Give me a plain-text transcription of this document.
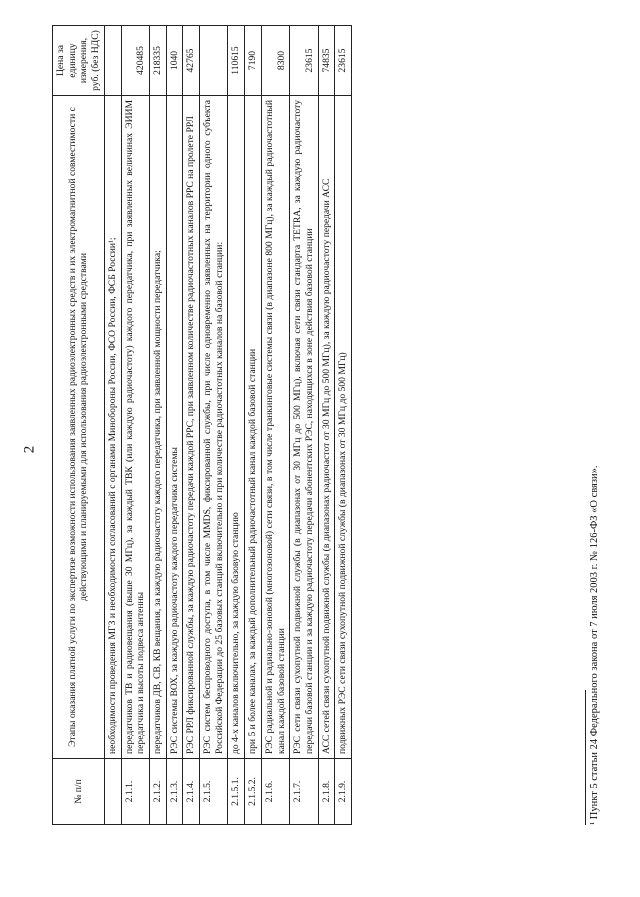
2
№ п/п	Этапы оказания платной услуги по экспертизе возможности использования заявленных радиоэлектронных средств и их электромагнитной совместимости с действующими и планируемыми для использования радиоэлектронными средствами	Цена за единицу измерения, руб. (без НДС)
	необходимости проведения МГЗ и необходимости согласований с органами Минобороны России, ФСО России, ФСБ России¹;	
2.1.1.	передатчиков ТВ и радиовещания (выше 30 МГц), за каждый ТВК (или каждую радиочастоту) каждого передатчика, при заявленных величинах ЭИИМ передатчика и высоты подвеса антенны	420485
2.1.2.	передатчиков ДВ, СВ, КВ вещания, за каждую радиочастоту каждого передатчика, при заявленной мощности передатчика;	218335
2.1.3.	РЭС системы ВОХ, за каждую радиочастоту каждого передатчика системы	1040
2.1.4.	РЭС РРЛ фиксированной службы, за каждую радиочастоту передачи каждой РРС, при заявленном количестве радиочастотных каналов РРС на пролете РРЛ	42765
2.1.5.	РЭС систем беспроводного доступа, в том числе MMDS, фиксированной службы, при числе одновременно заявленных на территории одного субъекта Российской Федерации до 25 базовых станций включительно и при количестве радиочастотных каналов на базовой станции:	
2.1.5.1.	до 4-х каналов включительно, за каждую базовую станцию	110615
2.1.5.2.	при 5 и более каналах, за каждый дополнительный радиочастотный канал каждой базовой станции	7190
2.1.6.	РЭС радиальной и радиально-зоновой (многозоновой) сети связи, в том числе транкинговые системы связи (в диапазоне 800 МГц), за каждый радиочастотный канал каждой базовой станции	8300
2.1.7.	РЭС сети связи сухопутной подвижной службы (в диапазонах от 30 МГц до 500 МГц), включая сети связи стандарта TETRA, за каждую радиочастоту передачи базовой станции и за каждую радиочастоту передачи абонентских РЭС, находящихся в зоне действия базовой станции	23615
2.1.8.	АСС сетей связи сухопутной подвижной службы (в диапазонах радиочастот от 30 МГц до 500 МГц), за каждую радиочастоту передачи АСС	74835
2.1.9.	подвижных РЭС сети связи сухопутной подвижной службы (в диапазонах от 30 МГц до 500 МГц)	23615
¹ Пункт 5 статьи 24 Федерального закона от 7 июля 2003 г. № 126-ФЗ «О связи».
